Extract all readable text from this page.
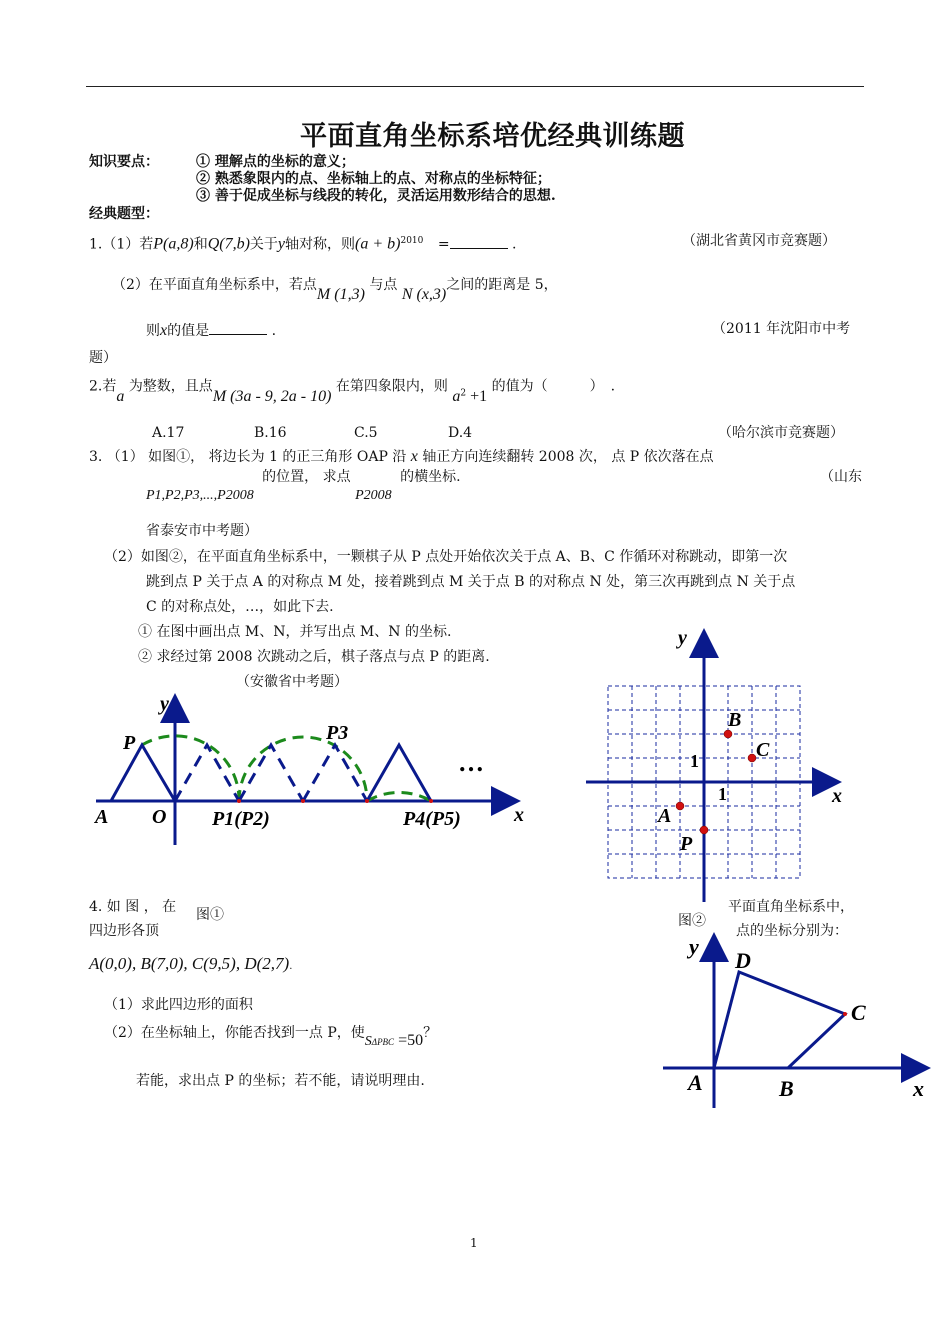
平面直角坐标系培优经典训练题
知识要点：	① 理解点的坐标的意义；
② 熟悉象限内的点、坐标轴上的点、对称点的坐标特征；
③ 善于促成坐标与线段的转化，灵活运用数形结合的思想.
经典题型：
1.（1）若P(a,8)和Q(7,b)关于y轴对称，则$(a + b)^{2010}$ =	.	（湖北省黄冈市竞赛题）
（2）在平面直角坐标系中，若点M (1,3) 与点 N (x,3)之间的距离是 5，
则x的值是	.	（2011 年沈阳市中考
题）
2.若a 为整数，且点M (3a - 9, 2a - 10) 在第四象限内，则 $a^2 +1$ 的值为（　　　）　.
A.17	B.16	C.5	D.4	（哈尔滨市竞赛题）
3. （1） 如图①， 将边长为 1 的正三角形 OAP 沿 x 轴正方向连续翻转 2008 次， 点 P 依次落在点
P1,P2,P3,...,P2008 的位置， 求点 P2008 的横坐标.	（山东
省泰安市中考题）
（2）如图②，在平面直角坐标系中，一颗棋子从 P 点处开始依次关于点 A、B、C 作循环对称跳动，即第一次
跳到点 P 关于点 A 的对称点 M 处，接着跳到点 M 关于点 B 的对称点 N 处，第三次再跳到点 N 关于点
C 的对称点处，…，如此下去.
① 在图中画出点 M、N，并写出点 M、N 的坐标.
② 求经过第 2008 次跳动之后，棋子落点与点 P 的距离.
（安徽省中考题）
y
x
P	P3
A O P1(P2)	P4(P5)
…
y
x
B
C
A
P
1
1
4. 如 图 ， 在 图①
四边形各顶
图②
平面直角坐标系中，
点的坐标分别为：
A(0,0), B(7,0), C(9,5), D(2,7).
（1）求此四边形的面积
（2）在坐标轴上，你能否找到一点 P，使SΔPBC =50？
若能，求出点 P 的坐标；若不能，请说明理由.
y
x
D
C
A	B
1
